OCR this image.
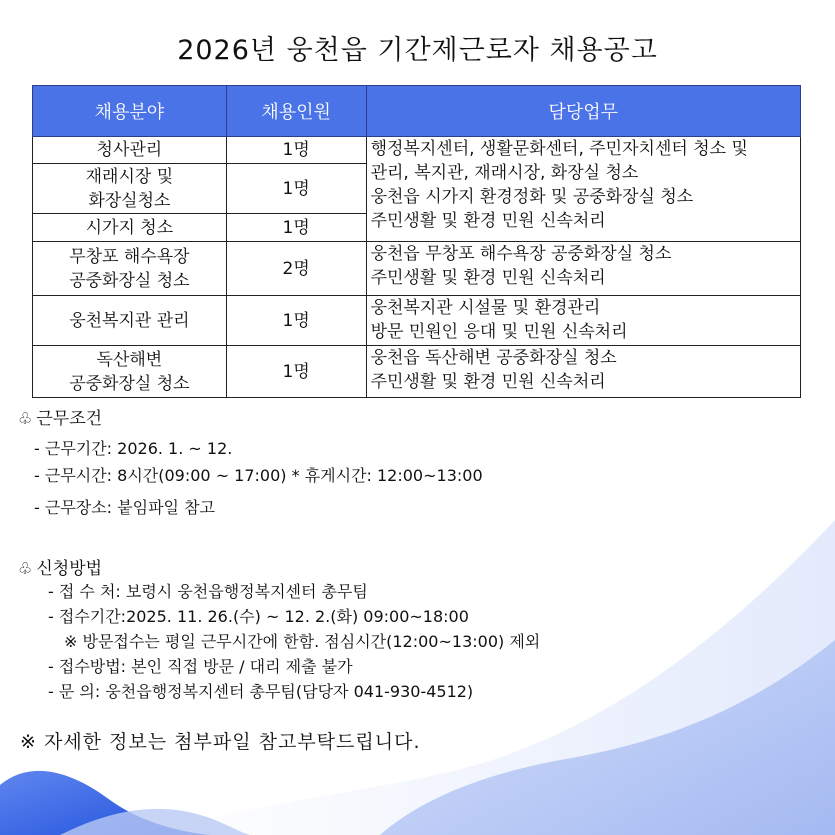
2026년 웅천읍 기간제근로자 채용공고
채용분야	채용인원	담당업무
청사관리	1명	행정복지센터, 생활문화센터, 주민자치센터 청소 및
관리, 복지관, 재래시장, 화장실 청소
웅천읍 시가지 환경정화 및 공중화장실 청소
주민생활 및 환경 민원 신속처리
재래시장 및
화장실청소	1명	
시가지 청소	1명	
무창포 해수욕장
공중화장실 청소	2명	웅천읍 무창포 해수욕장 공중화장실 청소
주민생활 및 환경 민원 신속처리
웅천복지관 관리	1명	웅천복지관 시설물 및 환경관리
방문 민원인 응대 및 민원 신속처리
독산해변
공중화장실 청소	1명	웅천읍 독산해변 공중화장실 청소
주민생활 및 환경 민원 신속처리
♧ 근무조건
- 근무기간: 2026. 1. ~ 12.
- 근무시간: 8시간(09:00 ~ 17:00) * 휴게시간: 12:00~13:00
- 근무장소: 붙임파일 참고
♧ 신청방법
- 접 수 처: 보령시 웅천읍행정복지센터 총무팀
- 접수기간:2025. 11. 26.(수) ~ 12. 2.(화) 09:00~18:00
※ 방문접수는 평일 근무시간에 한함. 점심시간(12:00~13:00) 제외
- 접수방법: 본인 직접 방문 / 대리 제출 불가
- 문 의: 웅천읍행정복지센터 총무팀(담당자 041-930-4512)
※ 자세한 정보는 첨부파일 참고부탁드립니다.
